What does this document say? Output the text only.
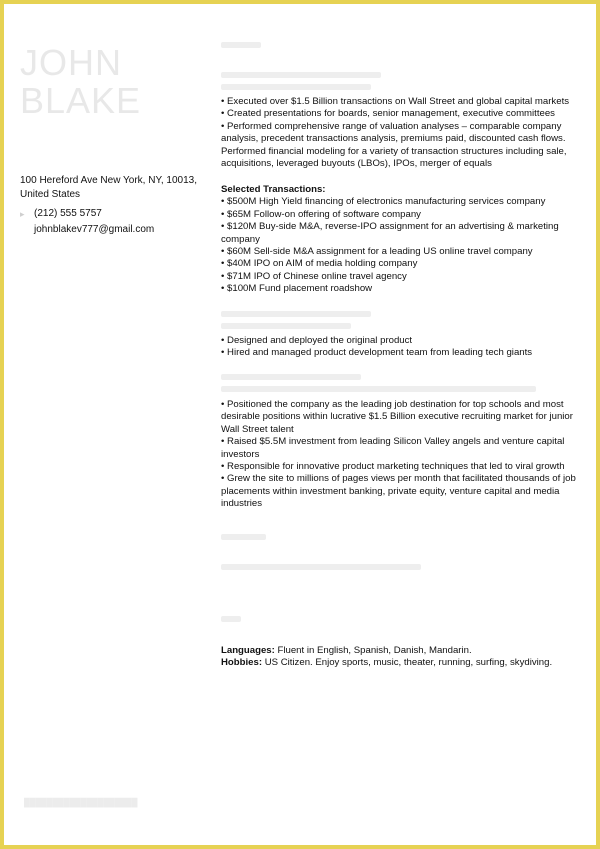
JOHN
BLAKE
100 Hereford Ave New York, NY, 10013, United States
▸ (212) 555 5757
johnblakev777@gmail.com
████████████████████
• Executed over $1.5 Billion transactions on Wall Street and global capital markets
• Created presentations for boards, senior management, executive committees
• Performed comprehensive range of valuation analyses – comparable company analysis, precedent transactions analysis, premiums paid, discounted cash flows. Performed financial modeling for a variety of transaction structures including sale, acquisitions, leveraged buyouts (LBOs), IPOs, merger of equals
Selected Transactions:
• $500M High Yield financing of electronics manufacturing services company
• $65M Follow-on offering of software company
• $120M Buy-side M&A, reverse-IPO assignment for an advertising & marketing company
• $60M Sell-side M&A assignment for a leading US online travel company
• $40M IPO on AIM of media holding company
• $71M IPO of Chinese online travel agency
• $100M Fund placement roadshow
• Designed and deployed the original product
• Hired and managed product development team from leading tech giants
• Positioned the company as the leading job destination for top schools and most desirable positions within lucrative $1.5 Billion executive recruiting market for junior Wall Street talent
• Raised $5.5M investment from leading Silicon Valley angels and venture capital investors
• Responsible for innovative product marketing techniques that led to viral growth
• Grew the site to millions of pages views per month that facilitated thousands of job placements within investment banking, private equity, venture capital and media industries
Languages: Fluent in English, Spanish, Danish, Mandarin.
Hobbies: US Citizen. Enjoy sports, music, theater, running, surfing, skydiving.
